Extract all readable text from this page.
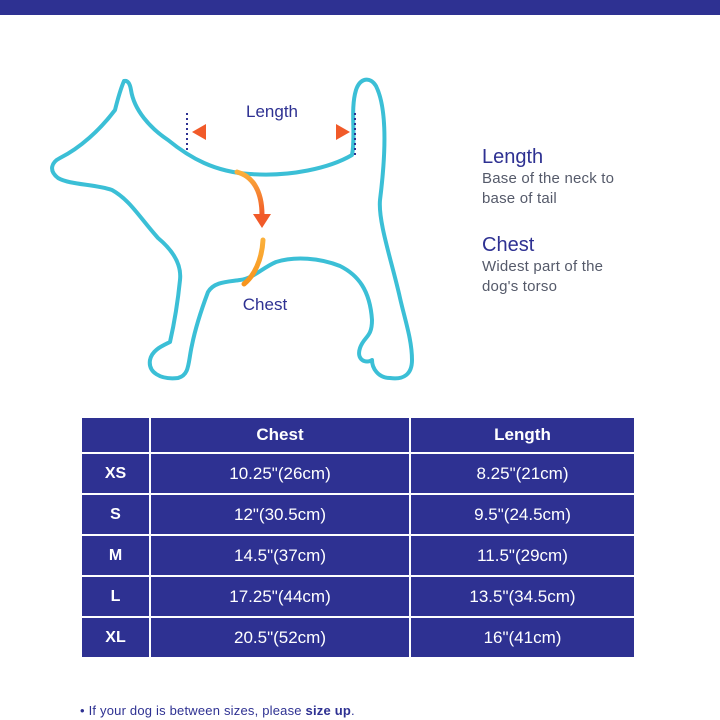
Length
Chest
Length
Base of the neck to
base of tail
Chest
Widest part of the
dog's torso
	Chest	Length
XS	10.25"(26cm)	8.25"(21cm)
S	12"(30.5cm)	9.5"(24.5cm)
M	14.5"(37cm)	11.5"(29cm)
L	17.25"(44cm)	13.5"(34.5cm)
XL	20.5"(52cm)	16"(41cm)
• If your dog is between sizes, please size up.
